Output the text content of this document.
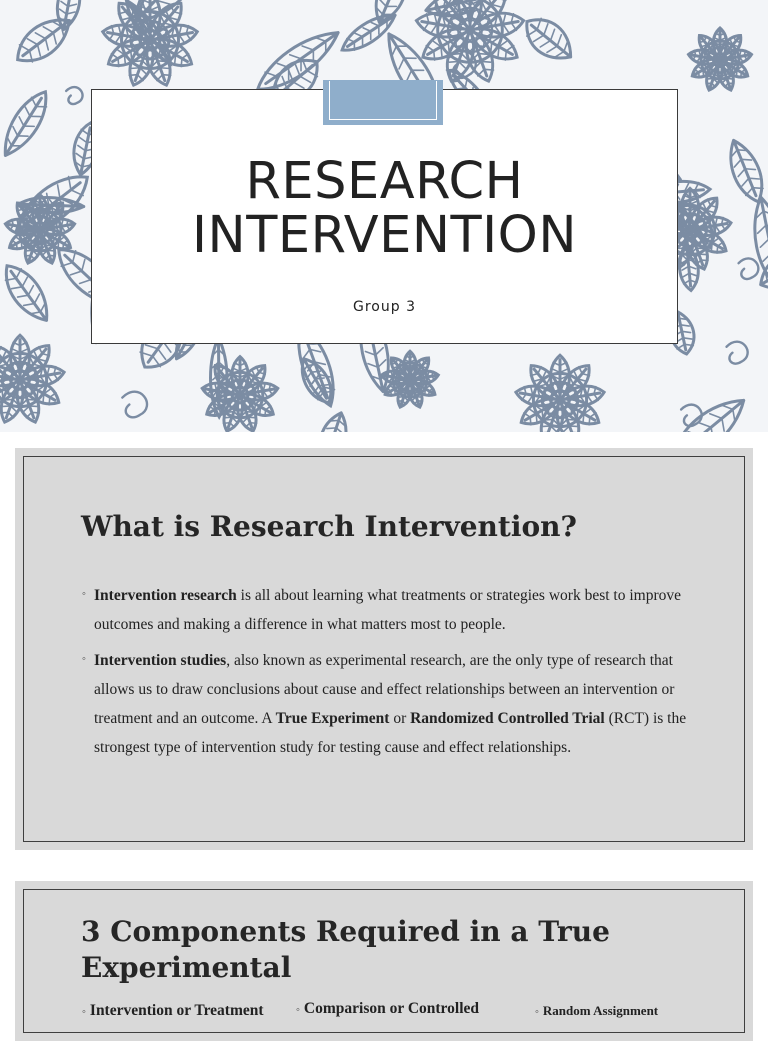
RESEARCH
INTERVENTION
Group 3
What is Research Intervention?
◦ Intervention research is all about learning what treatments or strategies work best to improve outcomes and making a difference in what matters most to people.
◦ Intervention studies, also known as experimental research, are the only type of research that allows us to draw conclusions about cause and effect relationships between an intervention or treatment and an outcome. A True Experiment or Randomized Controlled Trial (RCT) is the strongest type of intervention study for testing cause and effect relationships.
3 Components Required in a True Experimental
◦ Intervention or Treatment	◦ Comparison or Controlled	◦ Random Assignment
